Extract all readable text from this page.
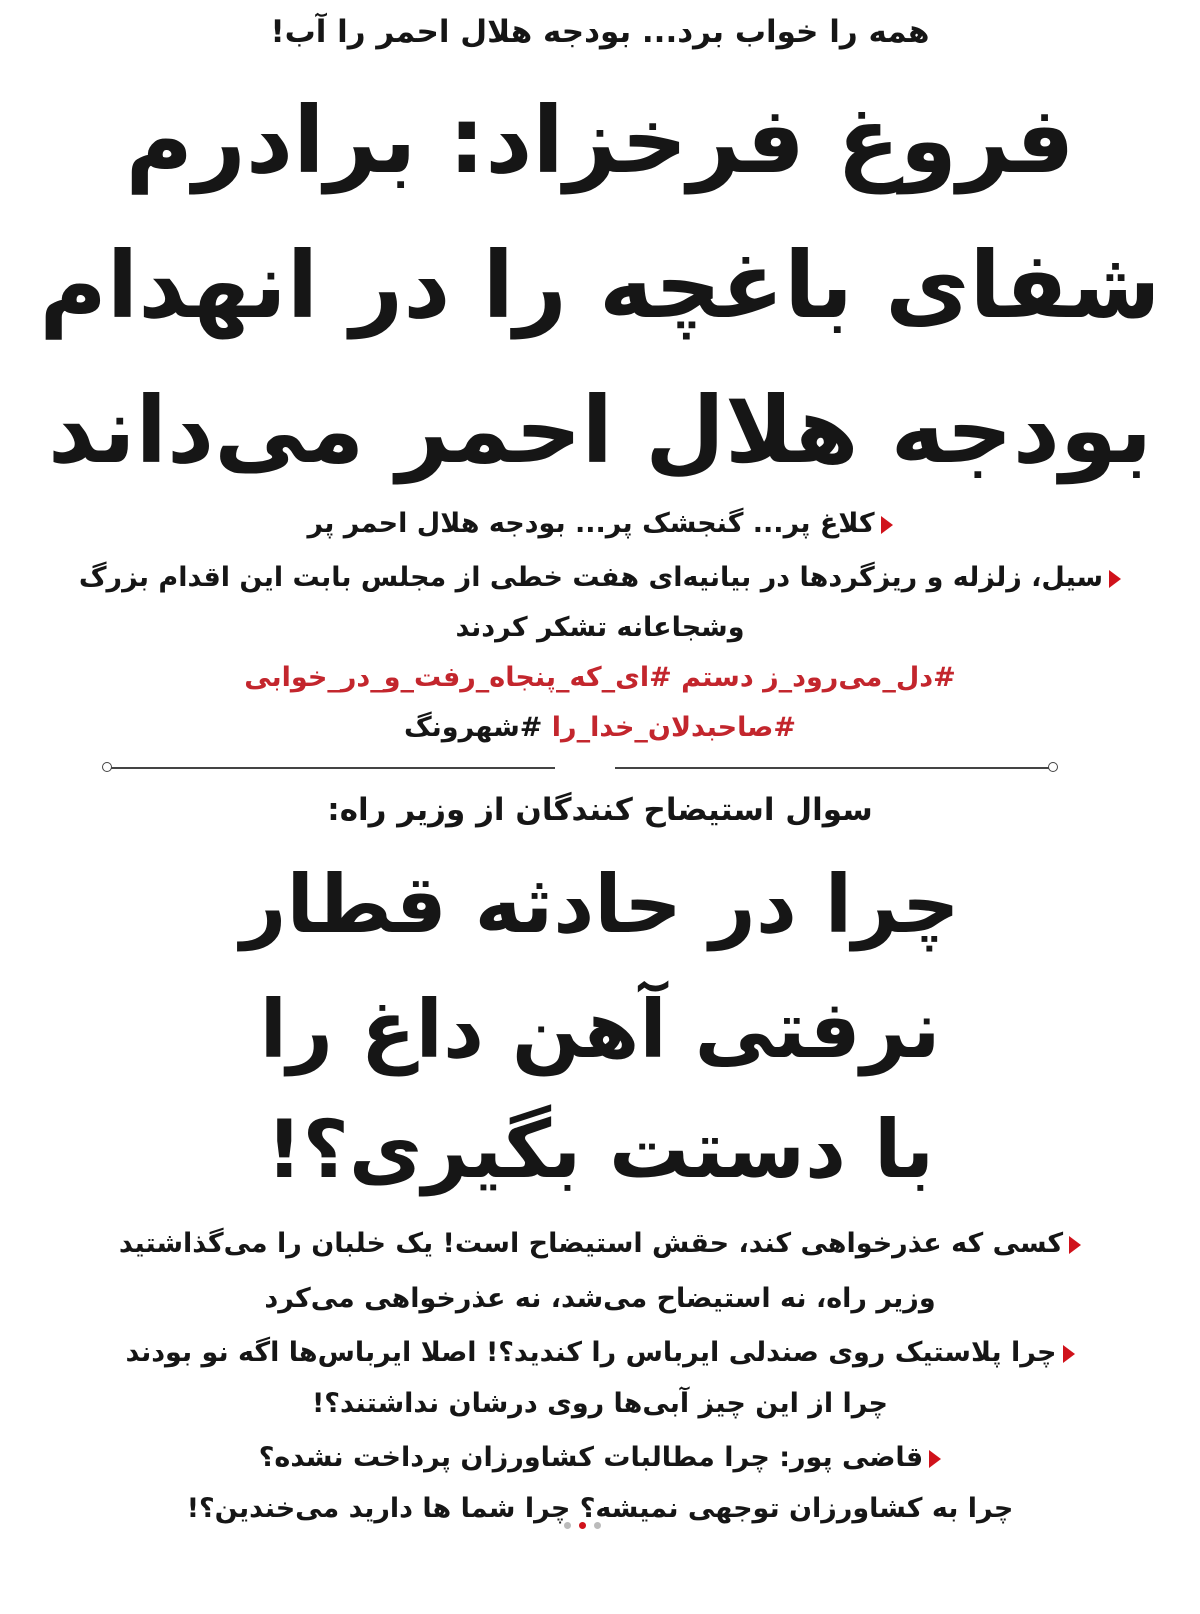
همه را خواب برد... بودجه هلال احمر را آب!
فروغ فرخزاد: برادرم
شفای باغچه را در انهدام
بودجه هلال احمر می‌داند
کلاغ پر... گنجشک پر... بودجه هلال احمر پر
سیل، زلزله و ریزگردها در بیانیه‌ای هفت خطی از مجلس بابت این اقدام بزرگ
وشجاعانه تشکر کردند
#دل_می‌رود_ز دستم #ای_که_پنجاه_رفت_و_در_خوابی
#صاحبدلان_خدا_را #شهرونگ
سوال استیضاح کنندگان از وزیر راه:
چرا در حادثه قطار
نرفتی آهن داغ را
با دستت بگیری؟!
کسی که عذرخواهی کند، حقش استیضاح است! یک خلبان را می‌گذاشتید
وزیر راه، نه استیضاح می‌شد، نه عذرخواهی می‌کرد
چرا پلاستیک روی صندلی ایرباس را کندید؟! اصلا ایرباس‌ها اگه نو بودند
چرا از این چیز آبی‌ها روی درشان نداشتند؟!
قاضی پور: چرا مطالبات کشاورزان پرداخت نشده؟
چرا به کشاورزان توجهی نمیشه؟ چرا شما ها دارید می‌خندین؟!
